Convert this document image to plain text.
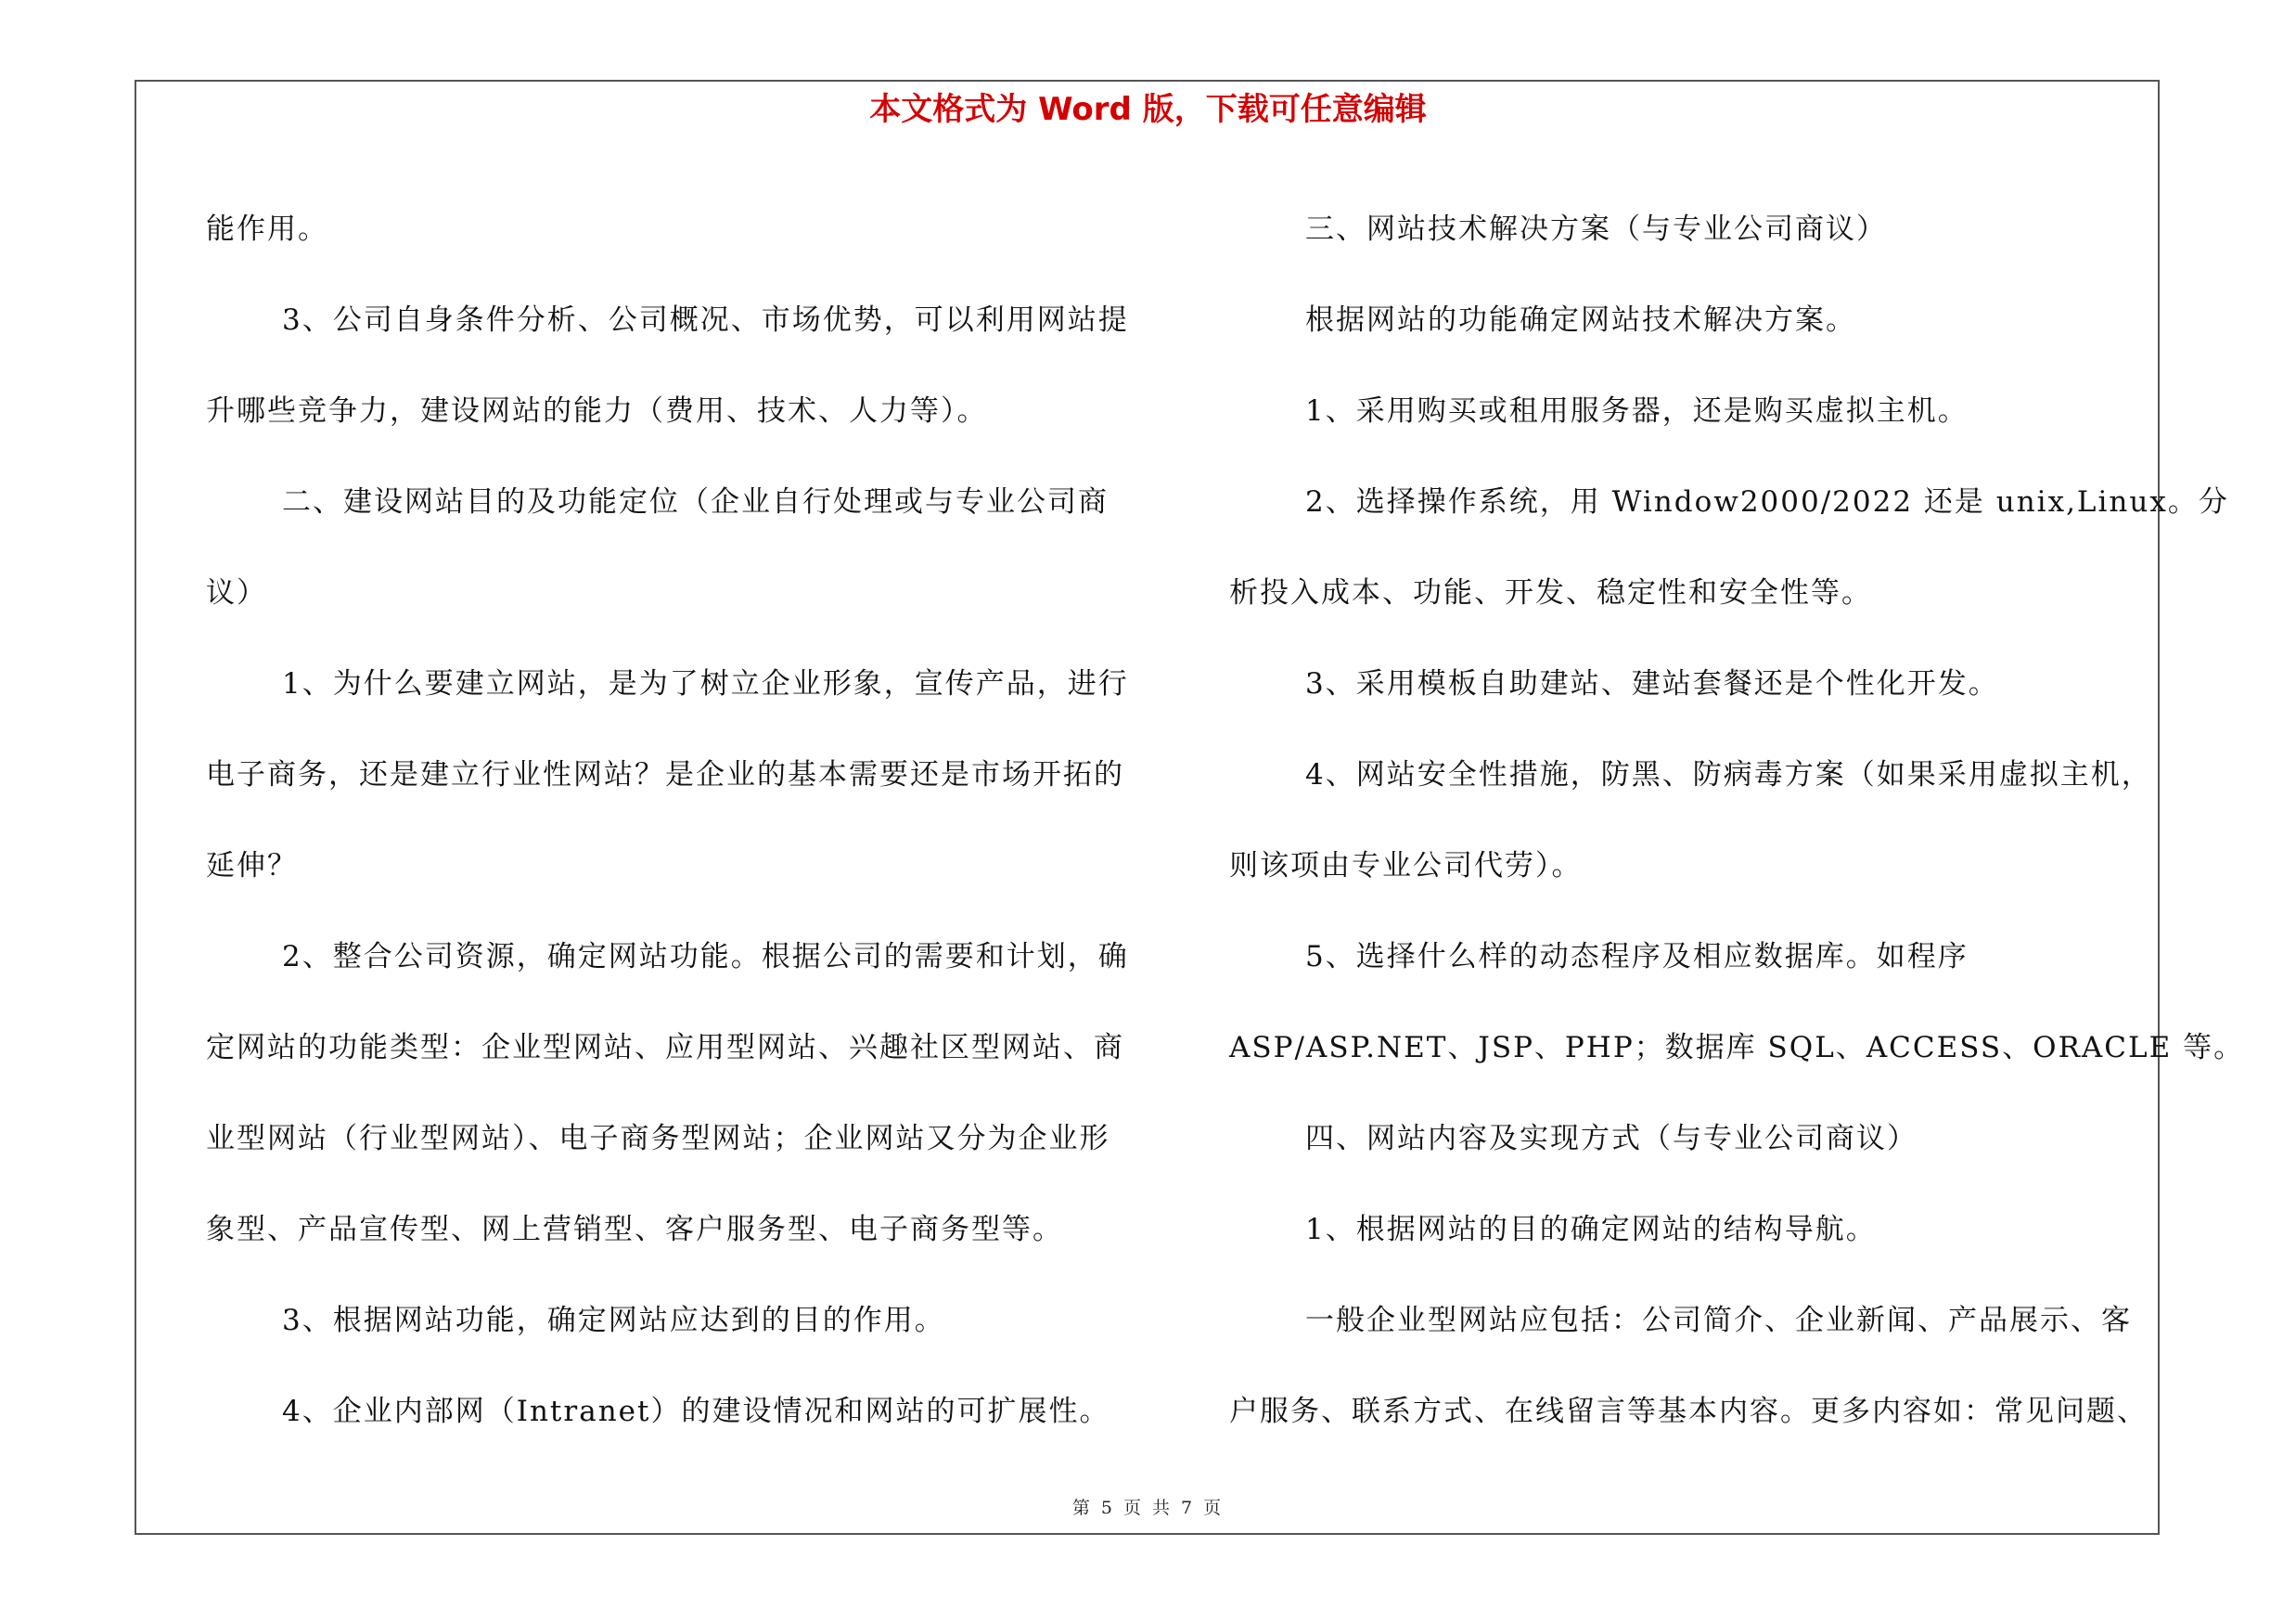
本文格式为 Word 版，下载可任意编辑
能作用。
3、公司自身条件分析、公司概况、市场优势，可以利用网站提
升哪些竞争力，建设网站的能力（费用、技术、人力等）。
二、建设网站目的及功能定位（企业自行处理或与专业公司商
议）
1、为什么要建立网站，是为了树立企业形象，宣传产品，进行
电子商务，还是建立行业性网站？是企业的基本需要还是市场开拓的
延伸？
2、整合公司资源，确定网站功能。根据公司的需要和计划，确
定网站的功能类型：企业型网站、应用型网站、兴趣社区型网站、商
业型网站（行业型网站）、电子商务型网站；企业网站又分为企业形
象型、产品宣传型、网上营销型、客户服务型、电子商务型等。
3、根据网站功能，确定网站应达到的目的作用。
4、企业内部网（Intranet）的建设情况和网站的可扩展性。
三、网站技术解决方案（与专业公司商议）
根据网站的功能确定网站技术解决方案。
1、采用购买或租用服务器，还是购买虚拟主机。
2、选择操作系统，用 Window2000/2022 还是 unix,Linux。分
析投入成本、功能、开发、稳定性和安全性等。
3、采用模板自助建站、建站套餐还是个性化开发。
4、网站安全性措施，防黑、防病毒方案（如果采用虚拟主机，
则该项由专业公司代劳）。
5、选择什么样的动态程序及相应数据库。如程序
ASP/ASP.NET、JSP、PHP；数据库 SQL、ACCESS、ORACLE 等。
四、网站内容及实现方式（与专业公司商议）
1、根据网站的目的确定网站的结构导航。
一般企业型网站应包括：公司简介、企业新闻、产品展示、客
户服务、联系方式、在线留言等基本内容。更多内容如：常见问题、
第 5 页 共 7 页
